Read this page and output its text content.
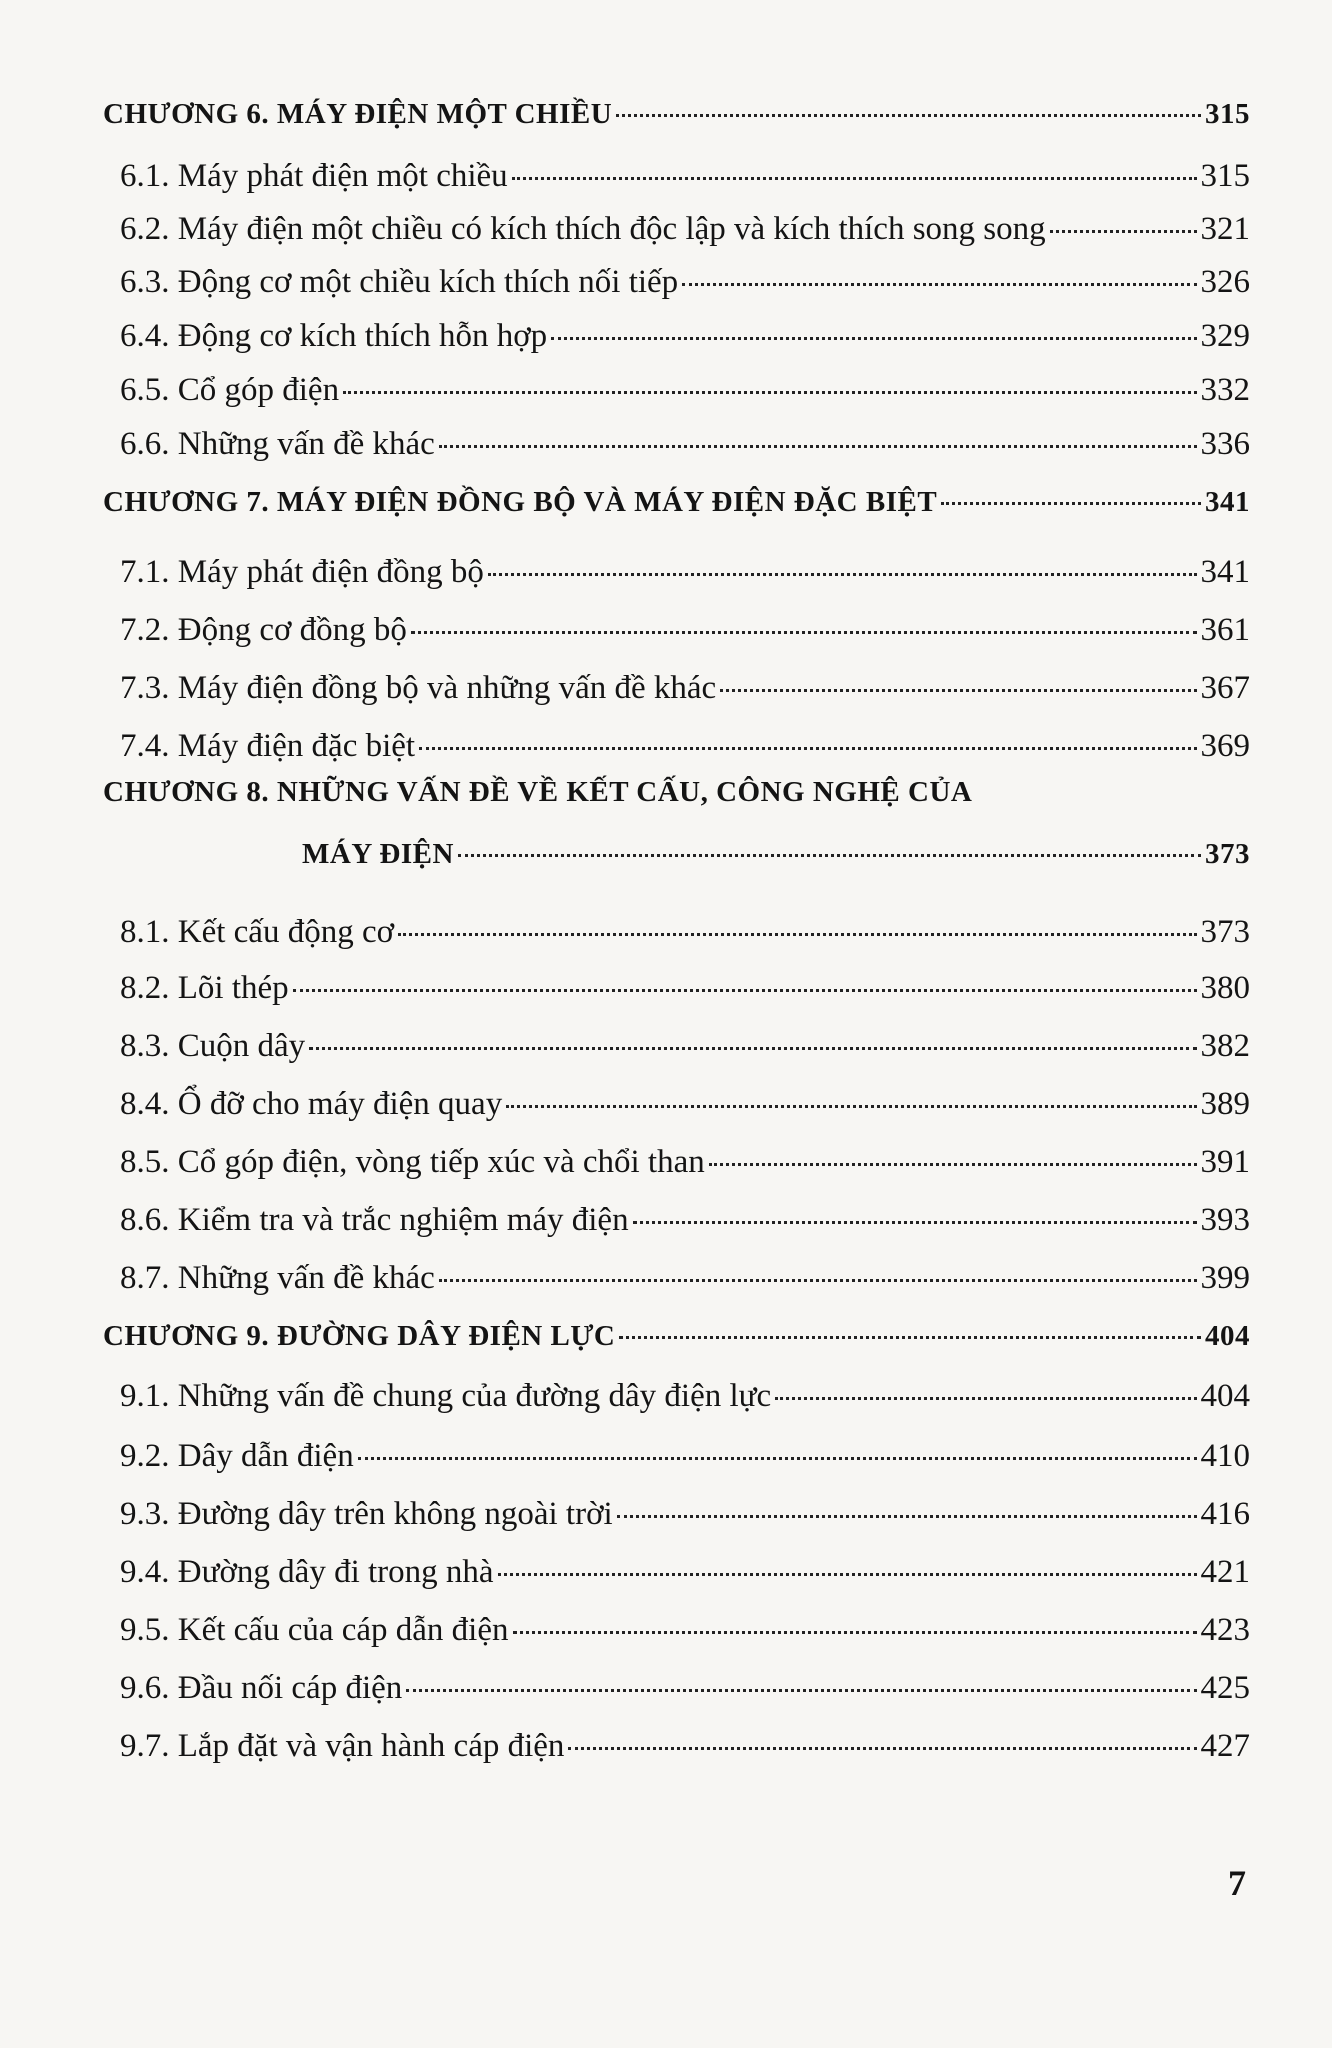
CHƯƠNG 6. MÁY ĐIỆN MỘT CHIỀU	315
6.1. Máy phát điện một chiều	315
6.2. Máy điện một chiều có kích thích độc lập và kích thích song song	321
6.3. Động cơ một chiều kích thích nối tiếp	326
6.4. Động cơ kích thích hỗn hợp	329
6.5. Cổ góp điện	332
6.6. Những vấn đề khác	336
CHƯƠNG 7. MÁY ĐIỆN ĐỒNG BỘ VÀ MÁY ĐIỆN ĐẶC BIỆT	341
7.1. Máy phát điện đồng bộ	341
7.2. Động cơ đồng bộ	361
7.3. Máy điện đồng bộ và những vấn đề khác	367
7.4. Máy điện đặc biệt	369
CHƯƠNG 8. NHỮNG VẤN ĐỀ VỀ KẾT CẤU, CÔNG NGHỆ CỦA
MÁY ĐIỆN	373
8.1. Kết cấu động cơ	373
8.2. Lõi thép	380
8.3. Cuộn dây	382
8.4. Ổ đỡ cho máy điện quay	389
8.5. Cổ góp điện, vòng tiếp xúc và chổi than	391
8.6. Kiểm tra và trắc nghiệm máy điện	393
8.7. Những vấn đề khác	399
CHƯƠNG 9. ĐƯỜNG DÂY ĐIỆN LỰC	404
9.1. Những vấn đề chung của đường dây điện lực	404
9.2. Dây dẫn điện	410
9.3. Đường dây trên không ngoài trời	416
9.4. Đường dây đi trong nhà	421
9.5. Kết cấu của cáp dẫn điện	423
9.6. Đầu nối cáp điện	425
9.7. Lắp đặt và vận hành cáp điện	427
7
